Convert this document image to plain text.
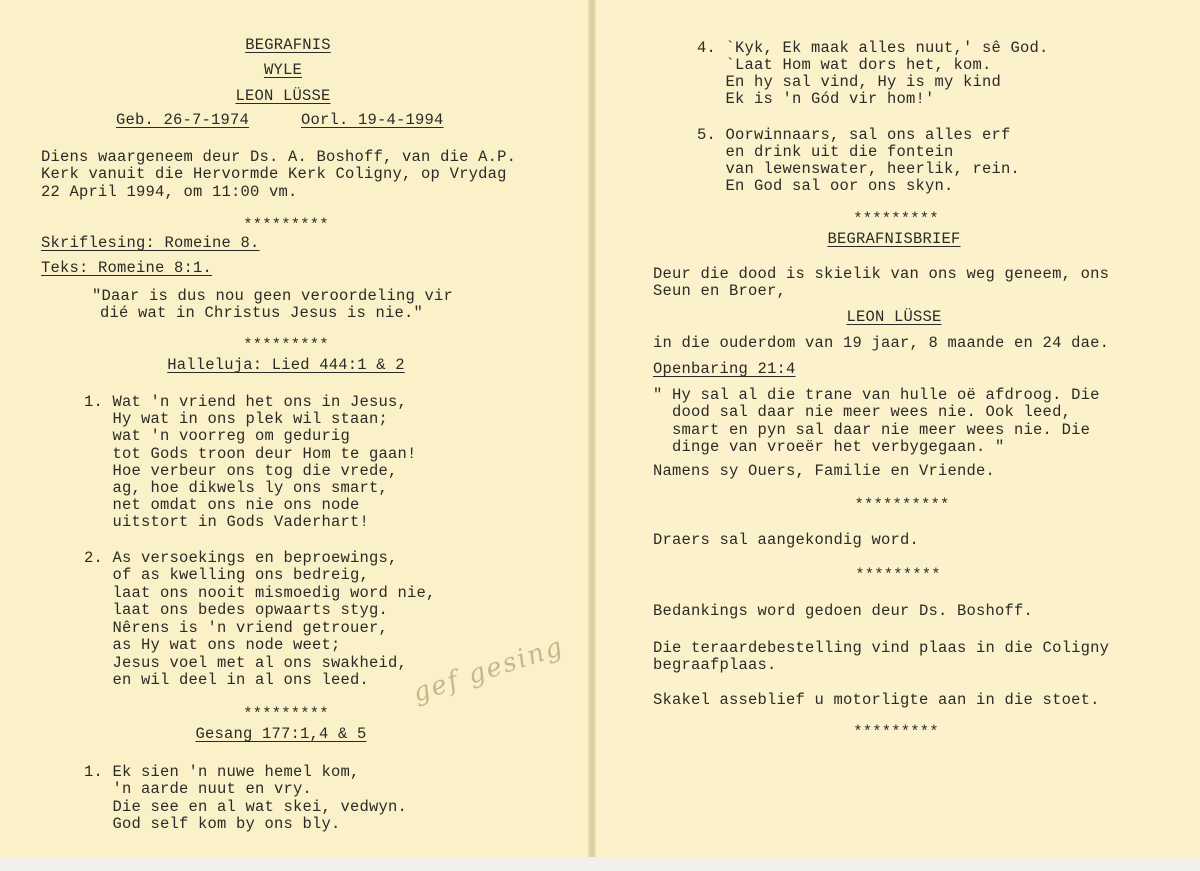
BEGRAFNIS
WYLE
LEON LÜSSE
Geb. 26-7-1974	Oorl. 19-4-1994
Diens waargeneem deur Ds. A. Boshoff, van die A.P.
Kerk vanuit die Hervormde Kerk Coligny, op Vrydag
22 April 1994, om 11:00 vm.
*********
Skriflesing: Romeine 8.
Teks: Romeine 8:1.
"Daar is dus nou geen veroordeling vir
dié wat in Christus Jesus is nie."
*********
Halleluja: Lied 444:1 & 2
1. Wat 'n vriend het ons in Jesus,
Hy wat in ons plek wil staan;
wat 'n voorreg om gedurig
tot Gods troon deur Hom te gaan!
Hoe verbeur ons tog die vrede,
ag, hoe dikwels ly ons smart,
net omdat ons nie ons node
uitstort in Gods Vaderhart!
2. As versoekings en beproewings,
of as kwelling ons bedreig,
laat ons nooit mismoedig word nie,
laat ons bedes opwaarts styg.
Nêrens is 'n vriend getrouer,
as Hy wat ons node weet;
Jesus voel met al ons swakheid,
en wil deel in al ons leed. gef gesing
*********
Gesang 177:1,4 & 5
1. Ek sien 'n nuwe hemel kom,
'n aarde nuut en vry.
Die see en al wat skei, vedwyn.
God self kom by ons bly.
4. `Kyk, Ek maak alles nuut,' sê God.
`Laat Hom wat dors het, kom.
En hy sal vind, Hy is my kind
Ek is 'n Gód vir hom!'
5. Oorwinnaars, sal ons alles erf
en drink uit die fontein
van lewenswater, heerlik, rein.
En God sal oor ons skyn.
*********
BEGRAFNISBRIEF
Deur die dood is skielik van ons weg geneem, ons
Seun en Broer,
LEON LÜSSE
in die ouderdom van 19 jaar, 8 maande en 24 dae.
Openbaring 21:4
" Hy sal al die trane van hulle oë afdroog. Die
dood sal daar nie meer wees nie. Ook leed,
smart en pyn sal daar nie meer wees nie. Die
dinge van vroeër het verbygegaan. "
Namens sy Ouers, Familie en Vriende.
**********
Draers sal aangekondig word.
*********
Bedankings word gedoen deur Ds. Boshoff.
Die teraardebestelling vind plaas in die Coligny
begraafplaas.
Skakel asseblief u motorligte aan in die stoet.
*********
